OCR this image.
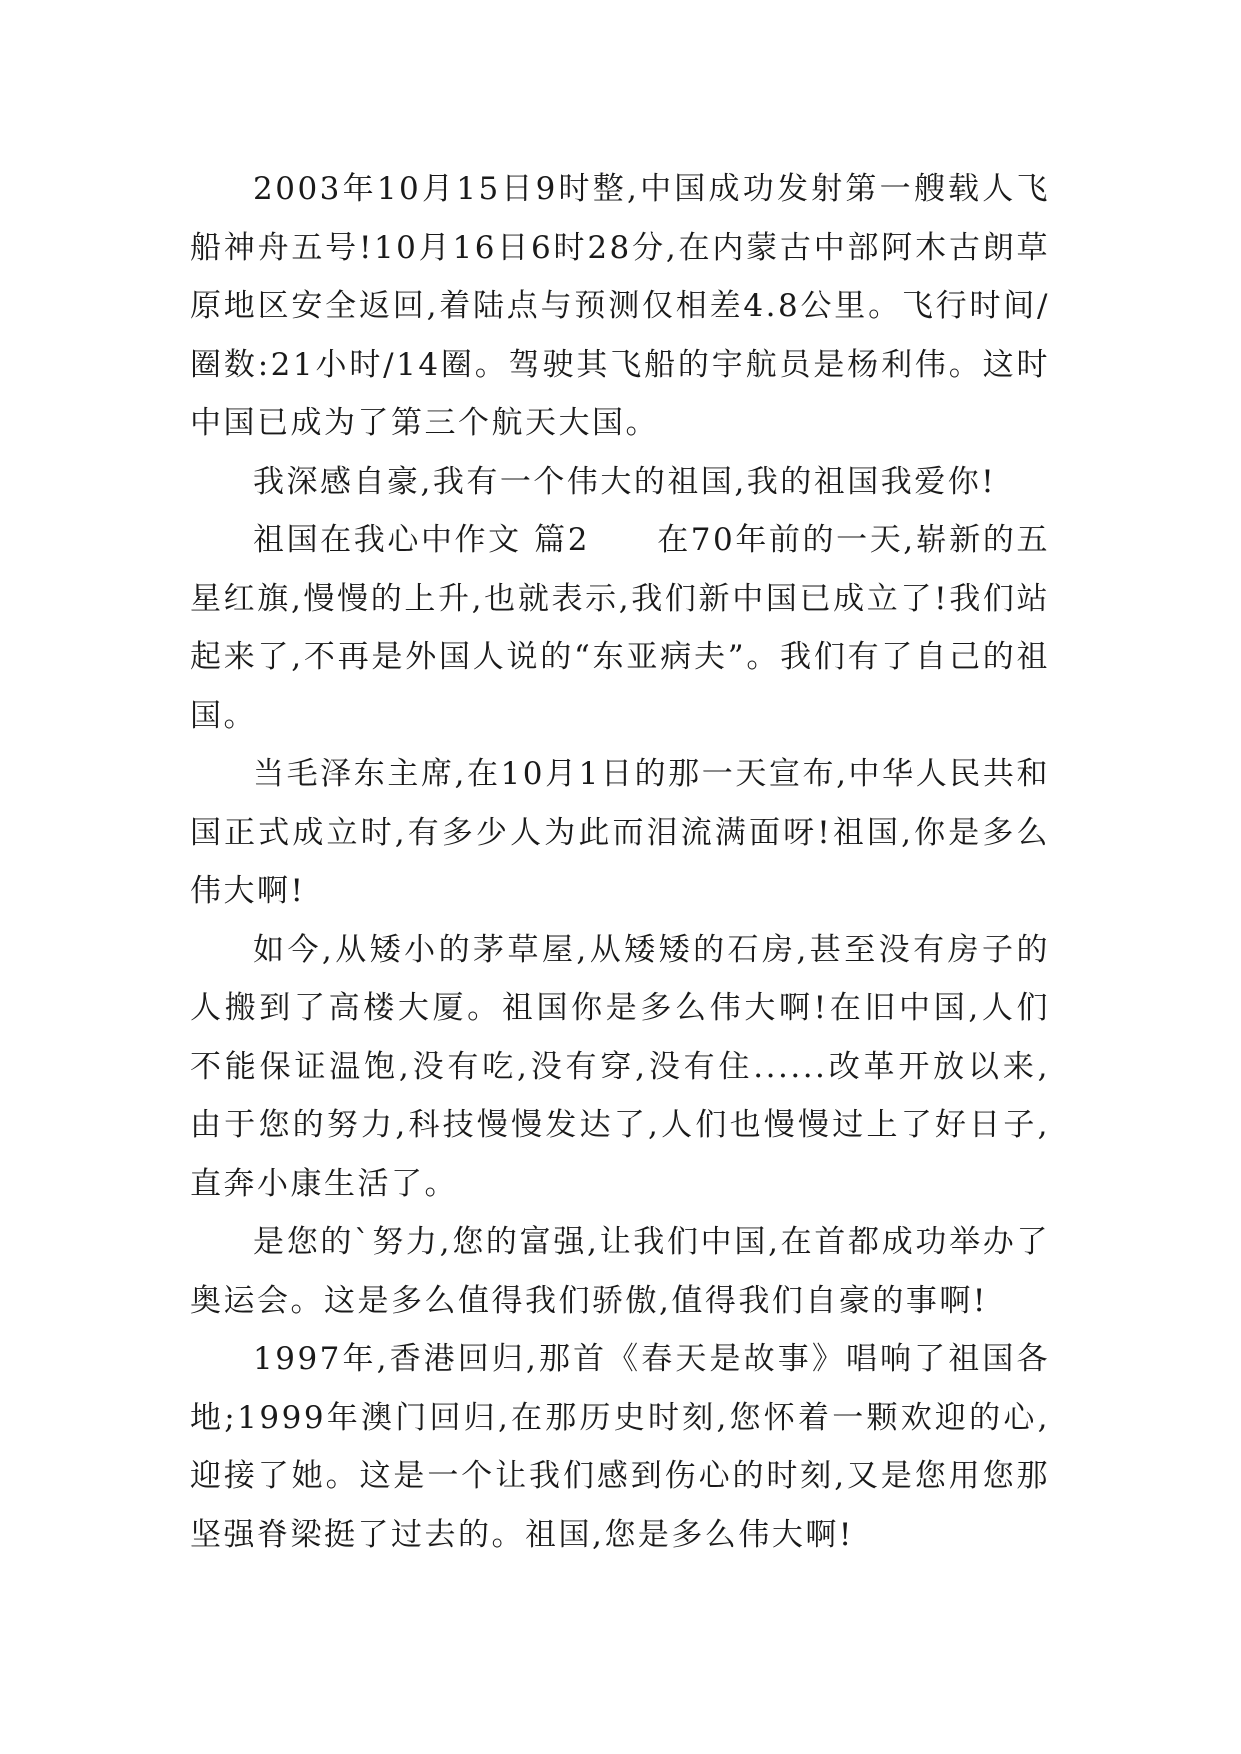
2003年10月15日9时整,中国成功发射第一艘载人飞船神舟五号!10月16日6时28分,在内蒙古中部阿木古朗草原地区安全返回,着陆点与预测仅相差4.8公里。飞行时间/圈数:21小时/14圈。驾驶其飞船的宇航员是杨利伟。这时中国已成为了第三个航天大国。

我深感自豪,我有一个伟大的祖国,我的祖国我爱你!

祖国在我心中作文 篇2　　在70年前的一天,崭新的五星红旗,慢慢的上升,也就表示,我们新中国已成立了!我们站起来了,不再是外国人说的“东亚病夫”。我们有了自己的祖国。

当毛泽东主席,在10月1日的那一天宣布,中华人民共和国正式成立时,有多少人为此而泪流满面呀!祖国,你是多么伟大啊!

如今,从矮小的茅草屋,从矮矮的石房,甚至没有房子的人搬到了高楼大厦。祖国你是多么伟大啊!在旧中国,人们不能保证温饱,没有吃,没有穿,没有住......改革开放以来,由于您的努力,科技慢慢发达了,人们也慢慢过上了好日子,直奔小康生活了。

是您的`努力,您的富强,让我们中国,在首都成功举办了奥运会。这是多么值得我们骄傲,值得我们自豪的事啊!

1997年,香港回归,那首《春天是故事》唱响了祖国各地;1999年澳门回归,在那历史时刻,您怀着一颗欢迎的心,迎接了她。这是一个让我们感到伤心的时刻,又是您用您那坚强脊梁挺了过去的。祖国,您是多么伟大啊!
